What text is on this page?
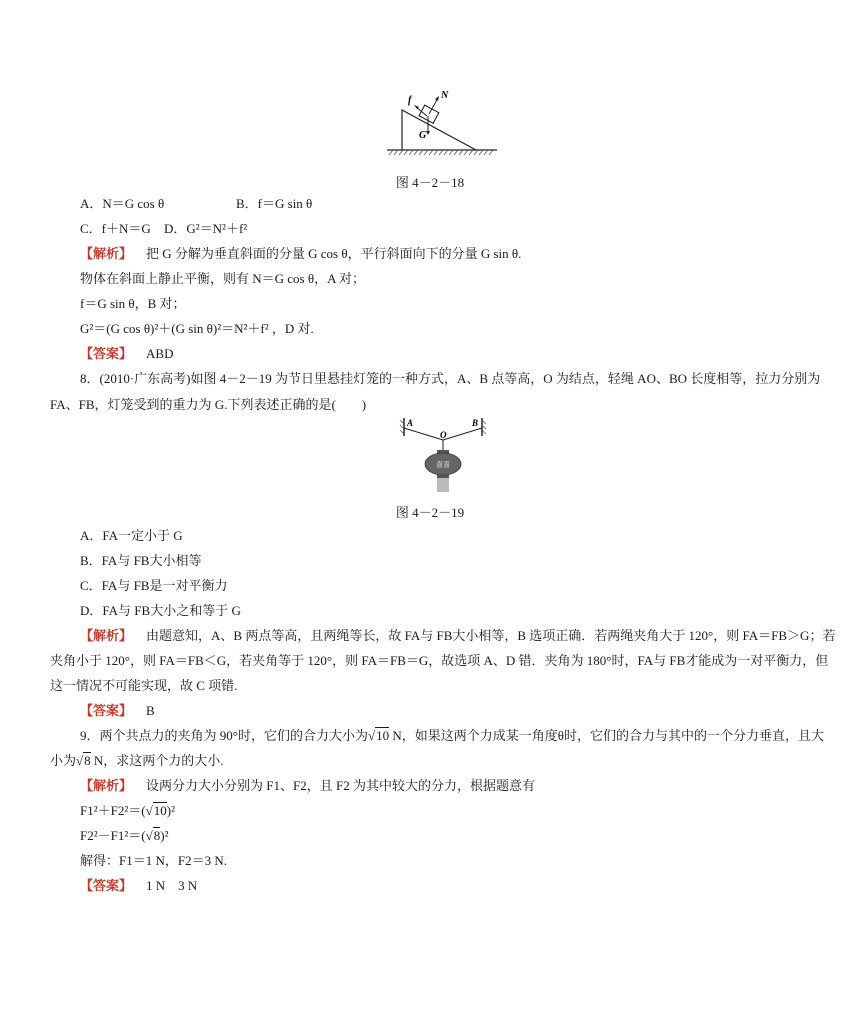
f	N
G
图 4－2－18
A．N＝G cos θ	B．f＝G sin θ
C．f＋N＝G D．G²＝N²＋f²
【解析】 把 G 分解为垂直斜面的分量 G cos θ，平行斜面向下的分量 G sin θ.
物体在斜面上静止平衡，则有 N＝G cos θ，A 对；
f＝G sin θ，B 对；
G²＝(G cos θ)²＋(G sin θ)²＝N²＋f² ，D 对.
【答案】 ABD
8．(2010·广东高考)如图 4－2－19 为节日里悬挂灯笼的一种方式，A、B 点等高，O 为结点，轻绳 AO、BO 长度相等，拉力分别为
FA、FB，灯笼受到的重力为 G.下列表述正确的是(　　)
A	B
O
喜喜
图 4－2－19
A．FA一定小于 G
B．FA与 FB大小相等
C．FA与 FB是一对平衡力
D．FA与 FB大小之和等于 G
【解析】 由题意知，A、B 两点等高，且两绳等长，故 FA与 FB大小相等，B 选项正确．若两绳夹角大于 120°，则 FA＝FB＞G；若
夹角小于 120°，则 FA＝FB＜G，若夹角等于 120°，则 FA＝FB＝G，故选项 A、D 错．夹角为 180°时，FA与 FB才能成为一对平衡力，但
这一情况不可能实现，故 C 项错.
【答案】 B
9．两个共点力的夹角为 90°时，它们的合力大小为√10 N，如果这两个力成某一角度θ时，它们的合力与其中的一个分力垂直，且大
小为√8 N，求这两个力的大小.
【解析】 设两分力大小分别为 F1、F2，且 F2 为其中较大的分力，根据题意有
F1²＋F2²＝(√10)²
F2²－F1²＝(√8)²
解得：F1＝1 N，F2＝3 N.
【答案】 1 N　3 N
